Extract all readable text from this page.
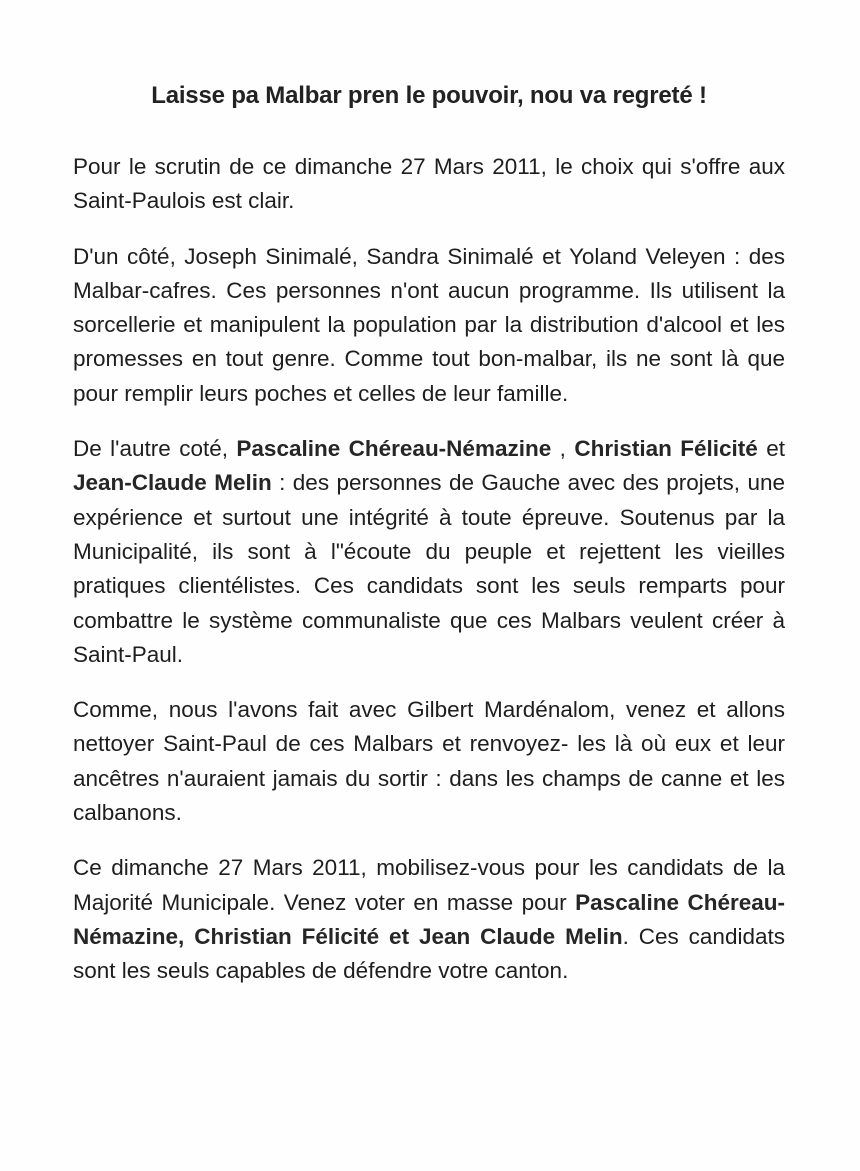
Laisse pa Malbar pren le pouvoir, nou va regreté !

Pour le scrutin de ce dimanche 27 Mars 2011, le choix qui s'offre aux Saint-Paulois est clair.

D'un côté, Joseph Sinimalé, Sandra Sinimalé et Yoland Veleyen : des Malbar-cafres. Ces personnes n'ont aucun programme. Ils utilisent la sorcellerie et manipulent la population par la distribution d'alcool et les promesses en tout genre. Comme tout bon-malbar, ils ne sont là que pour remplir leurs poches et celles de leur famille.

De l'autre coté, Pascaline Chéreau-Némazine , Christian Félicité et Jean-Claude Melin : des personnes de Gauche avec des projets, une expérience et surtout une intégrité à toute épreuve. Soutenus par la Municipalité, ils sont à l"écoute du peuple et rejettent les vieilles pratiques clientélistes. Ces candidats sont les seuls remparts pour combattre le système communaliste que ces Malbars veulent créer à Saint-Paul.

Comme, nous l'avons fait avec Gilbert Mardénalom, venez et allons nettoyer Saint-Paul de ces Malbars et renvoyez- les là où eux et leur ancêtres n'auraient jamais du sortir : dans les champs de canne et les calbanons.

Ce dimanche 27 Mars 2011, mobilisez-vous pour les candidats de la Majorité Municipale. Venez voter en masse pour Pascaline Chéreau-Némazine, Christian Félicité et Jean Claude Melin. Ces candidats sont les seuls capables de défendre votre canton.
